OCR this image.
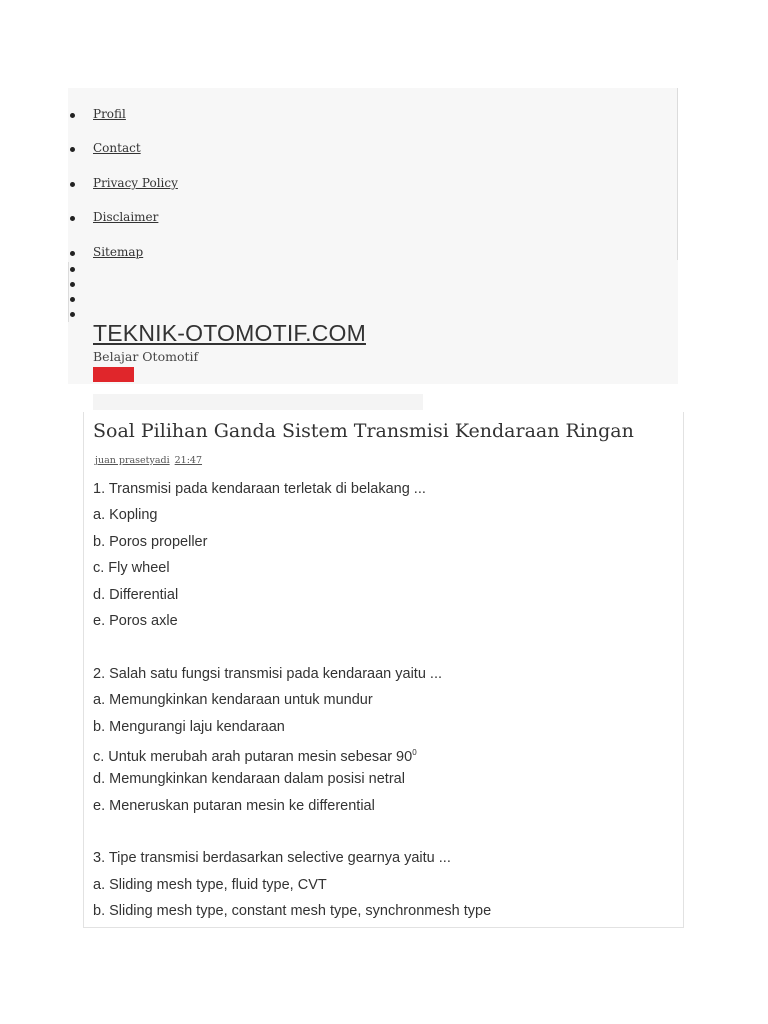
Profil
Contact
Privacy Policy
Disclaimer
Sitemap
TEKNIK-OTOMOTIF.COM
Belajar Otomotif
Soal Pilihan Ganda Sistem Transmisi Kendaraan Ringan
juan prasetyadi 21:47

1. Transmisi pada kendaraan terletak di belakang ...

a. Kopling

b. Poros propeller

c. Fly wheel

d. Differential

e. Poros axle

2. Salah satu fungsi transmisi pada kendaraan yaitu ...

a. Memungkinkan kendaraan untuk mundur

b. Mengurangi laju kendaraan

c. Untuk merubah arah putaran mesin sebesar $90^0$

d. Memungkinkan kendaraan dalam posisi netral

e. Meneruskan putaran mesin ke differential

3. Tipe transmisi berdasarkan selective gearnya yaitu ...

a. Sliding mesh type, fluid type, CVT

b. Sliding mesh type, constant mesh type, synchronmesh type
